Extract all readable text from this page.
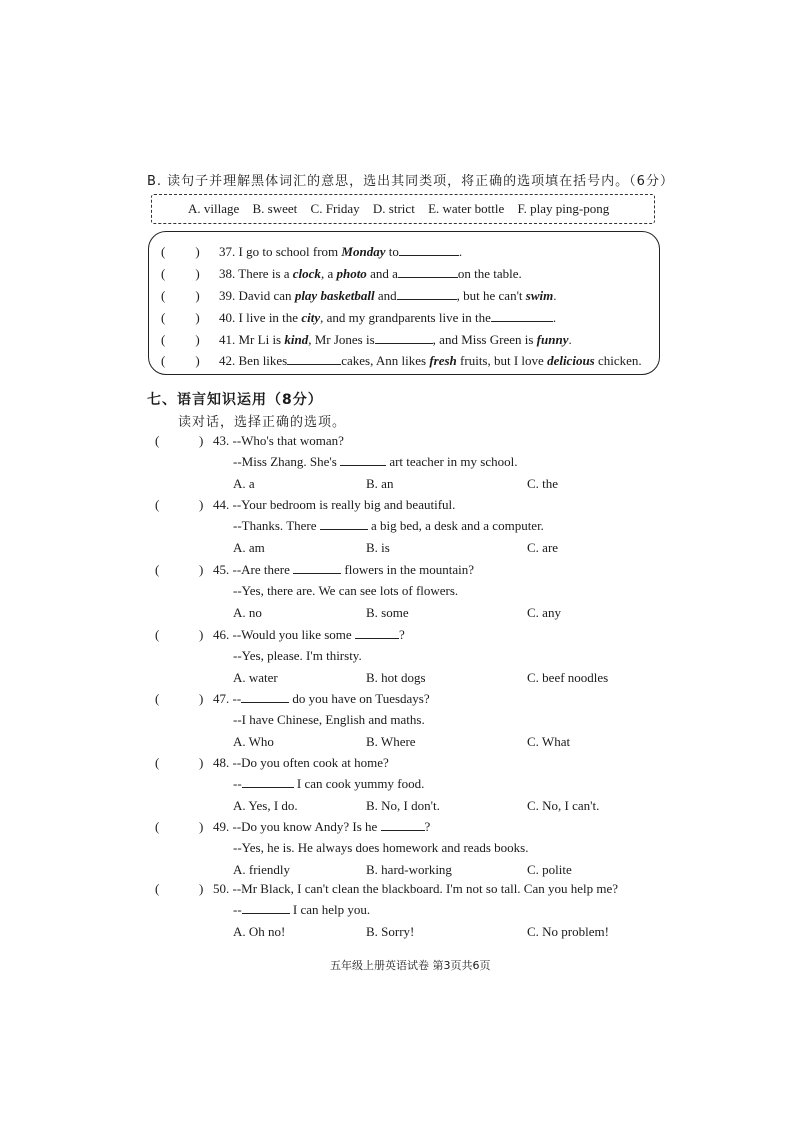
B. 读句子并理解黑体词汇的意思，选出其同类项，将正确的选项填在括号内。（6分）
A. village B. sweet C. Friday D. strict E. water bottle F. play ping-pong
( ) 37. I go to school from Monday to	.
( ) 38. There is a clock, a photo and a	on the table.
( ) 39. David can play basketball and	, but he can't swim.
( ) 40. I live in the city, and my grandparents live in the	.
( ) 41. Mr Li is kind, Mr Jones is	, and Miss Green is funny.
( ) 42. Ben likes	cakes, Ann likes fresh fruits, but I love delicious chicken.
七、语言知识运用（8分）
读对话，选择正确的选项。
(	) 43. --Who's that woman?
--Miss Zhang. She's	art teacher in my school.
A. a	B. an	C. the
(	) 44. --Your bedroom is really big and beautiful.
--Thanks. There	a big bed, a desk and a computer.
A. am	B. is	C. are
(	) 45. --Are there	flowers in the mountain?
--Yes, there are. We can see lots of flowers.
A. no	B. some	C. any
(	) 46. --Would you like some	?
--Yes, please. I'm thirsty.
A. water	B. hot dogs	C. beef noodles
(	) 47. --	do you have on Tuesdays?
--I have Chinese, English and maths.
A. Who	B. Where	C. What
(	) 48. --Do you often cook at home?
--	I can cook yummy food.
A. Yes, I do.	B. No, I don't.	C. No, I can't.
(	) 49. --Do you know Andy? Is he	?
--Yes, he is. He always does homework and reads books.
A. friendly	B. hard-working	C. polite
(	) 50. --Mr Black, I can't clean the blackboard. I'm not so tall. Can you help me?
--	I can help you.
A. Oh no!	B. Sorry!	C. No problem!
五年级上册英语试卷 第3页共6页
